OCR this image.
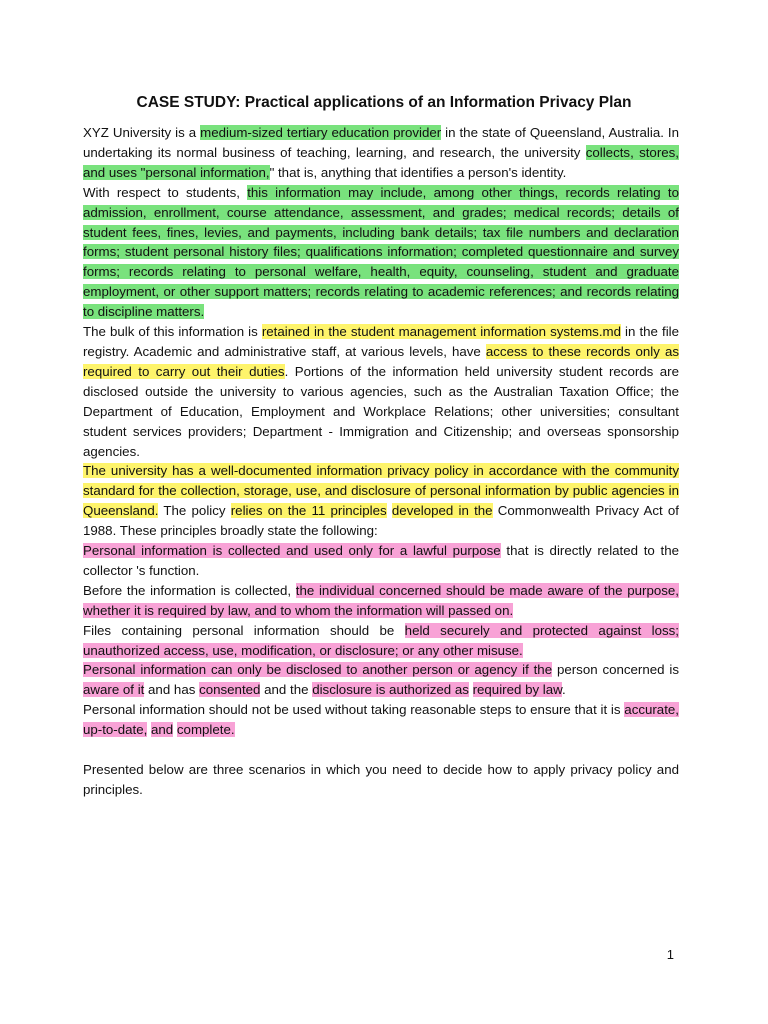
CASE STUDY: Practical applications of an Information Privacy Plan

XYZ University is a medium-sized tertiary education provider in the state of Queensland, Australia. In undertaking its normal business of teaching, learning, and research, the university collects, stores, and uses "personal information," that is, anything that identifies a person's identity.

With respect to students, this information may include, among other things, records relating to admission, enrollment, course attendance, assessment, and grades; medical records; details of student fees, fines, levies, and payments, including bank details; tax file numbers and declaration forms; student personal history files; qualifications information; completed questionnaire and survey forms; records relating to personal welfare, health, equity, counseling, student and graduate employment, or other support matters; records relating to academic references; and records relating to discipline matters.

The bulk of this information is retained in the student management information systems.md in the file registry. Academic and administrative staff, at various levels, have access to these records only as required to carry out their duties. Portions of the information held university student records are disclosed outside the university to various agencies, such as the Australian Taxation Office; the Department of Education, Employment and Workplace Relations; other universities; consultant student services providers; Department - Immigration and Citizenship; and overseas sponsorship agencies.

The university has a well-documented information privacy policy in accordance with the community standard for the collection, storage, use, and disclosure of personal information by public agencies in Queensland. The policy relies on the 11 principles developed in the Commonwealth Privacy Act of 1988. These principles broadly state the following:

Personal information is collected and used only for a lawful purpose that is directly related to the collector 's function.

Before the information is collected, the individual concerned should be made aware of the purpose, whether it is required by law, and to whom the information will passed on.

Files containing personal information should be held securely and protected against loss; unauthorized access, use, modification, or disclosure; or any other misuse.

Personal information can only be disclosed to another person or agency if the person concerned is aware of it and has consented and the disclosure is authorized as required by law.

Personal information should not be used without taking reasonable steps to ensure that it is accurate, up-to-date, and complete.

Presented below are three scenarios in which you need to decide how to apply privacy policy and principles.

1
